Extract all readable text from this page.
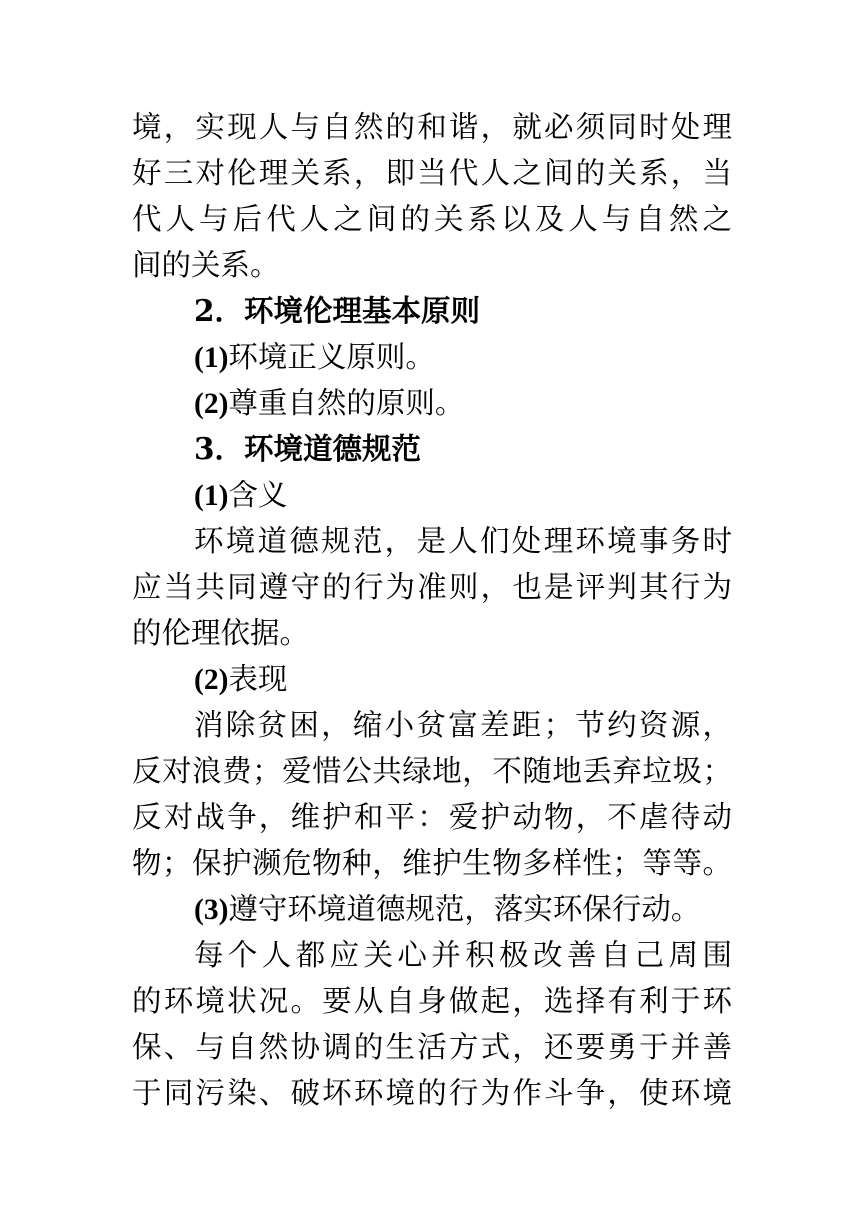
境，实现人与自然的和谐，就必须同时处理
好三对伦理关系，即当代人之间的关系，当
代人与后代人之间的关系以及人与自然之
间的关系。
2．环境伦理基本原则
(1)环境正义原则。
(2)尊重自然的原则。
3．环境道德规范
(1)含义
环境道德规范，是人们处理环境事务时
应当共同遵守的行为准则，也是评判其行为
的伦理依据。
(2)表现
消除贫困，缩小贫富差距；节约资源，
反对浪费；爱惜公共绿地，不随地丢弃垃圾；
反对战争，维护和平：爱护动物，不虐待动
物；保护濒危物种，维护生物多样性；等等。
(3)遵守环境道德规范，落实环保行动。
每个人都应关心并积极改善自己周围
的环境状况。要从自身做起，选择有利于环
保、与自然协调的生活方式，还要勇于并善
于同污染、破坏环境的行为作斗争，使环境
